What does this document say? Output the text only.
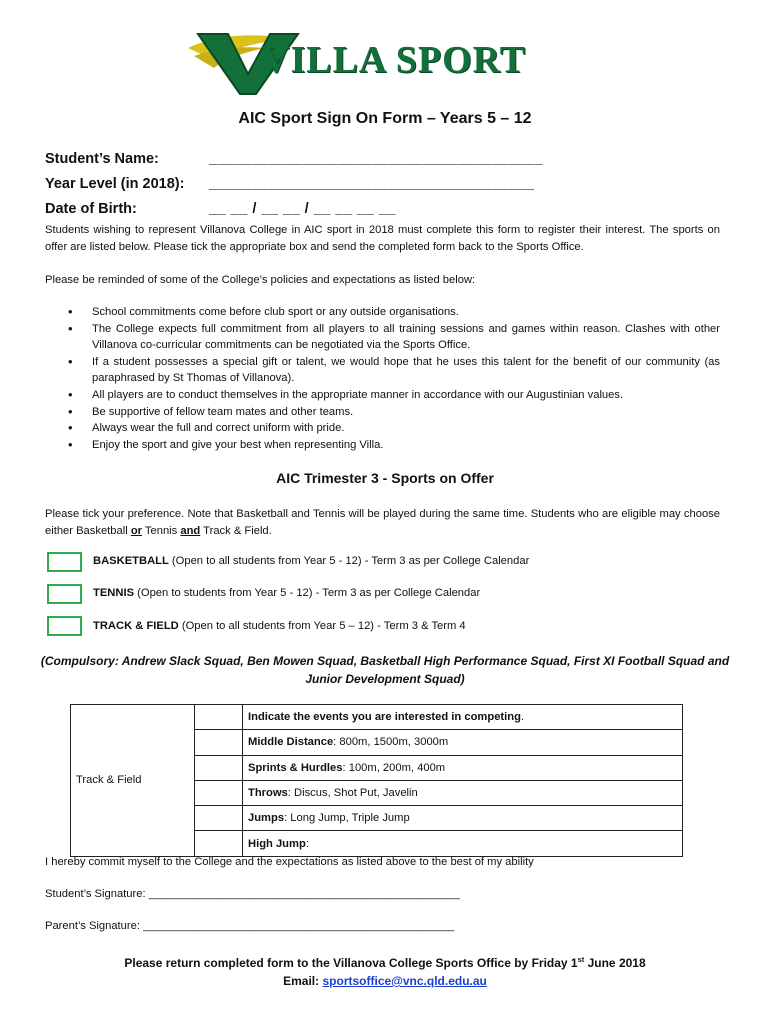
VILLA SPORT
AIC Sport Sign On Form – Years 5 – 12
Student’s Name:	_______________________________________
Year Level (in 2018): ______________________________________
Date of Birth:	__ __ / __ __ / __ __ __ __
Students wishing to represent Villanova College in AIC sport in 2018 must complete this form to register their interest. The sports on offer are listed below. Please tick the appropriate box and send the completed form back to the Sports Office.
Please be reminded of some of the College’s policies and expectations as listed below:
• School commitments come before club sport or any outside organisations.
• The College expects full commitment from all players to all training sessions and games within reason. Clashes with other Villanova co-curricular commitments can be negotiated via the Sports Office.
• If a student possesses a special gift or talent, we would hope that he uses this talent for the benefit of our community (as paraphrased by St Thomas of Villanova).
• All players are to conduct themselves in the appropriate manner in accordance with our Augustinian values.
• Be supportive of fellow team mates and other teams.
• Always wear the full and correct uniform with pride.
• Enjoy the sport and give your best when representing Villa.
AIC Trimester 3 - Sports on Offer
Please tick your preference. Note that Basketball and Tennis will be played during the same time. Students who are eligible may choose either Basketball or Tennis and Track & Field.
BASKETBALL (Open to all students from Year 5 - 12) - Term 3 as per College Calendar
TENNIS (Open to students from Year 5 - 12) - Term 3 as per College Calendar
TRACK & FIELD (Open to all students from Year 5 – 12) - Term 3 & Term 4
(Compulsory: Andrew Slack Squad, Ben Mowen Squad, Basketball High Performance Squad, First XI Football Squad and Junior Development Squad)
Track & Field		Indicate the events you are interested in competing.
		Middle Distance: 800m, 1500m, 3000m
		Sprints & Hurdles: 100m, 200m, 400m
		Throws: Discus, Shot Put, Javelin
		Jumps: Long Jump, Triple Jump
		High Jump:
I hereby commit myself to the College and the expectations as listed above to the best of my ability
Student’s Signature: __________________________________________________
Parent’s Signature: __________________________________________________
Please return completed form to the Villanova College Sports Office by Friday 1st June 2018
Email: sportsoffice@vnc.qld.edu.au
